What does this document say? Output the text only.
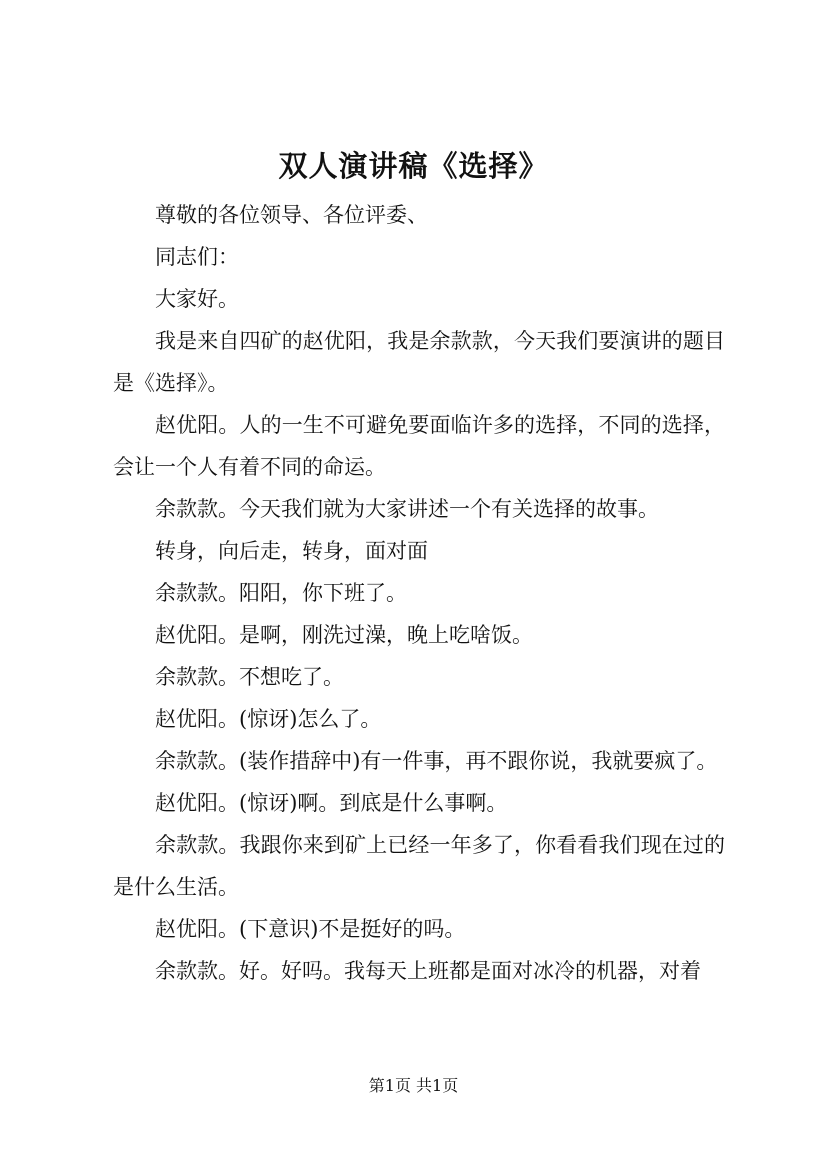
双人演讲稿《选择》

尊敬的各位领导、各位评委、

同志们：

大家好。

我是来自四矿的赵优阳，我是余款款，今天我们要演讲的题目是《选择》。

赵优阳。人的一生不可避免要面临许多的选择，不同的选择，会让一个人有着不同的命运。

余款款。今天我们就为大家讲述一个有关选择的故事。

转身，向后走，转身，面对面

余款款。阳阳，你下班了。

赵优阳。是啊，刚洗过澡，晚上吃啥饭。

余款款。不想吃了。

赵优阳。(惊讶)怎么了。

余款款。(装作措辞中)有一件事，再不跟你说，我就要疯了。

赵优阳。(惊讶)啊。到底是什么事啊。

余款款。我跟你来到矿上已经一年多了，你看看我们现在过的是什么生活。

赵优阳。(下意识)不是挺好的吗。

余款款。好。好吗。我每天上班都是面对冰冷的机器，对着

第1页 共1页
